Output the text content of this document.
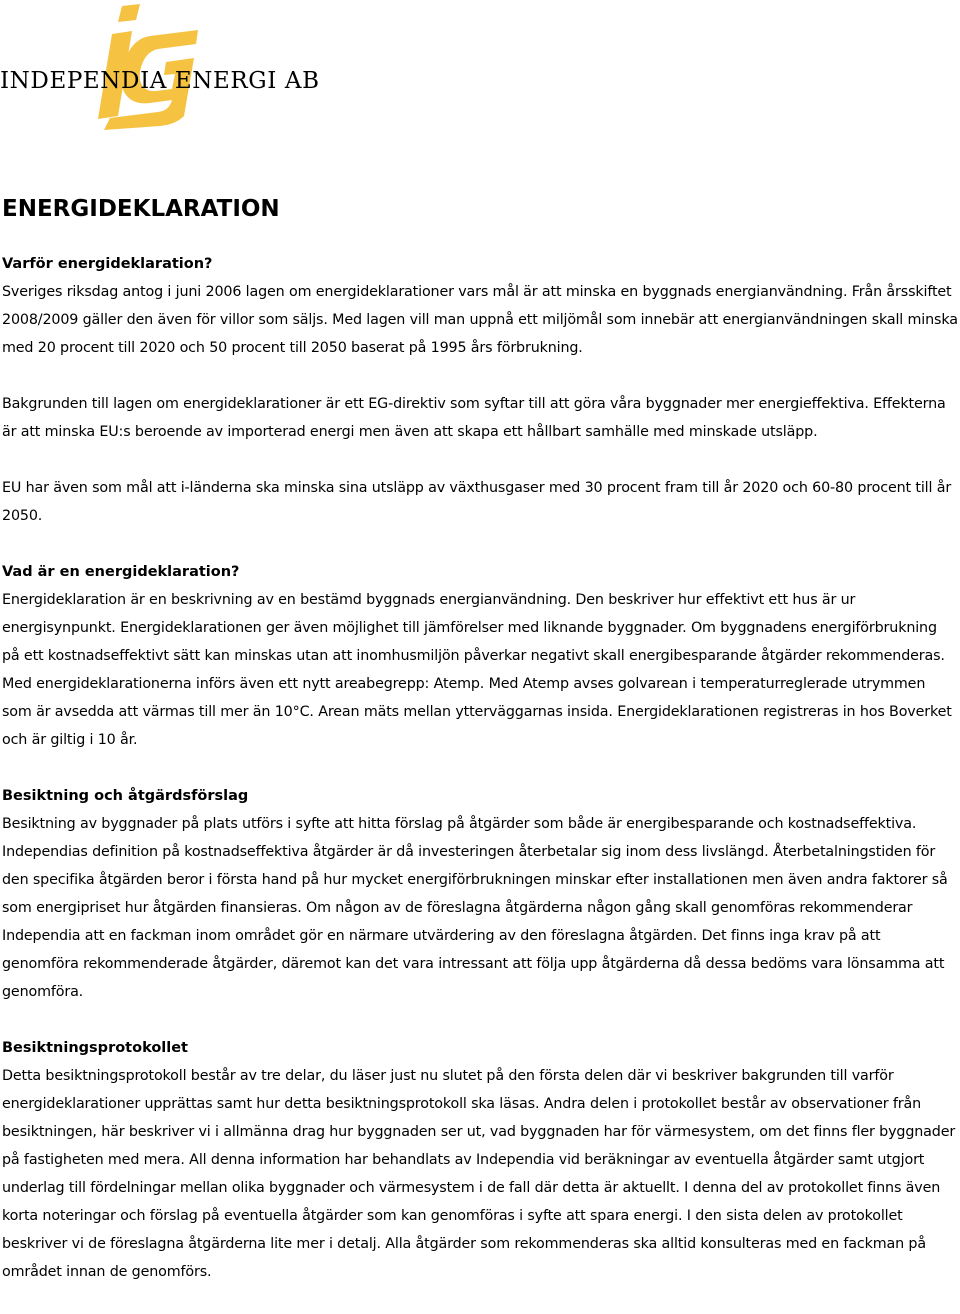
INDEPENDIA ENERGI AB
ENERGIDEKLARATION
Varför energideklaration?

Sveriges riksdag antog i juni 2006 lagen om energideklarationer vars mål är att minska en byggnads energianvändning. Från årsskiftet 2008/2009 gäller den även för villor som säljs. Med lagen vill man uppnå ett miljömål som innebär att energianvändningen skall minska med 20 procent till 2020 och 50 procent till 2050 baserat på 1995 års förbrukning.

Bakgrunden till lagen om energideklarationer är ett EG-direktiv som syftar till att göra våra byggnader mer energieffektiva. Effekterna är att minska EU:s beroende av importerad energi men även att skapa ett hållbart samhälle med minskade utsläpp.

EU har även som mål att i-länderna ska minska sina utsläpp av växthusgaser med 30 procent fram till år 2020 och 60-80 procent till år 2050.

Vad är en energideklaration?

Energideklaration är en beskrivning av en bestämd byggnads energianvändning. Den beskriver hur effektivt ett hus är ur energisynpunkt. Energideklarationen ger även möjlighet till jämförelser med liknande byggnader. Om byggnadens energiförbrukning på ett kostnadseffektivt sätt kan minskas utan att inomhusmiljön påverkar negativt skall energibesparande åtgärder rekommenderas. Med energideklarationerna införs även ett nytt areabegrepp: Atemp. Med Atemp avses golvarean i temperaturreglerade utrymmen som är avsedda att värmas till mer än 10°C. Arean mäts mellan ytterväggarnas insida. Energideklarationen registreras in hos Boverket och är giltig i 10 år.

Besiktning och åtgärdsförslag

Besiktning av byggnader på plats utförs i syfte att hitta förslag på åtgärder som både är energibesparande och kostnadseffektiva. Independias definition på kostnadseffektiva åtgärder är då investeringen återbetalar sig inom dess livslängd. Återbetalningstiden för den specifika åtgärden beror i första hand på hur mycket energiförbrukningen minskar efter installationen men även andra faktorer så som energipriset hur åtgärden finansieras. Om någon av de föreslagna åtgärderna någon gång skall genomföras rekommenderar Independia att en fackman inom området gör en närmare utvärdering av den föreslagna åtgärden. Det finns inga krav på att genomföra rekommenderade åtgärder, däremot kan det vara intressant att följa upp åtgärderna då dessa bedöms vara lönsamma att genomföra.

Besiktningsprotokollet

Detta besiktningsprotokoll består av tre delar, du läser just nu slutet på den första delen där vi beskriver bakgrunden till varför energideklarationer upprättas samt hur detta besiktningsprotokoll ska läsas. Andra delen i protokollet består av observationer från besiktningen, här beskriver vi i allmänna drag hur byggnaden ser ut, vad byggnaden har för värmesystem, om det finns fler byggnader på fastigheten med mera. All denna information har behandlats av Independia vid beräkningar av eventuella åtgärder samt utgjort underlag till fördelningar mellan olika byggnader och värmesystem i de fall där detta är aktuellt. I denna del av protokollet finns även korta noteringar och förslag på eventuella åtgärder som kan genomföras i syfte att spara energi. I den sista delen av protokollet beskriver vi de föreslagna åtgärderna lite mer i detalj. Alla åtgärder som rekommenderas ska alltid konsulteras med en fackman på området innan de genomförs.
